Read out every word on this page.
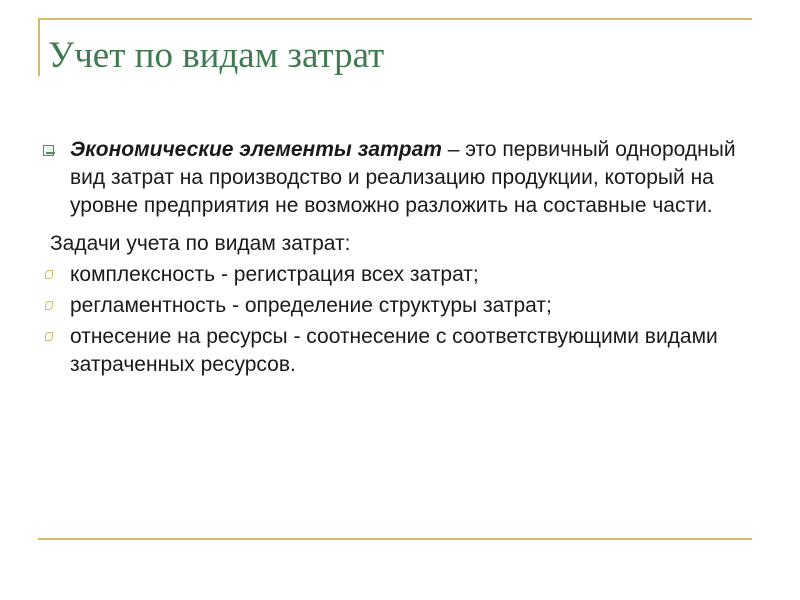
Учет по видам затрат

Экономические элементы затрат – это первичный однородный вид затрат на производство и реализацию продукции, который на уровне предприятия не возможно разложить на составные части.

Задачи учета по видам затрат:

комплексность - регистрация всех затрат;

регламентность - определение структуры затрат;

отнесение на ресурсы - соотнесение с соответствующими видами затраченных ресурсов.
